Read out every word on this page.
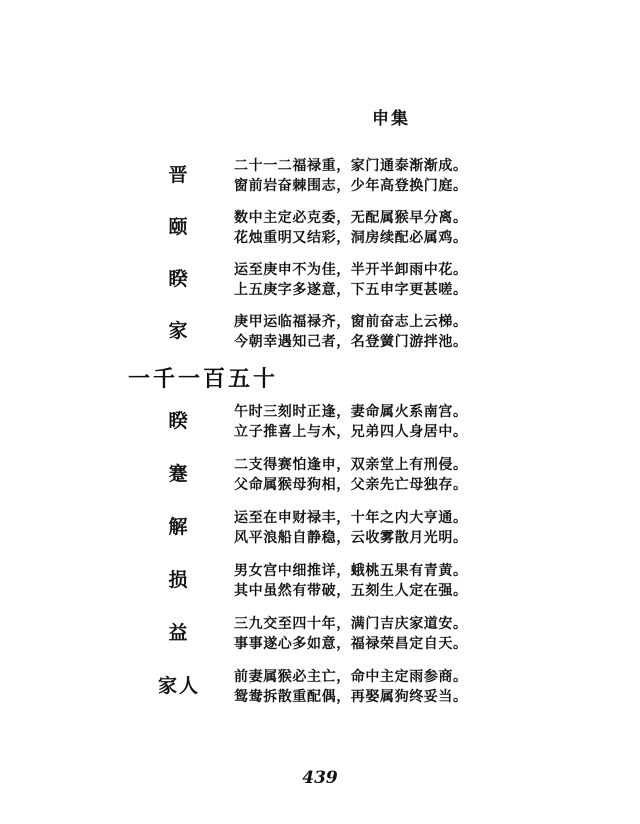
申集
晋	二十一二福禄重，家门通泰渐渐成。
窗前岩奋棘围志，少年高登换门庭。
颐	数中主定必克委，无配属猴早分离。
花烛重明又结彩，洞房续配必属鸡。
睽	运至庚申不为佳，半开半卸雨中花。
上五庚字多遂意，下五申字更甚嗟。
家	庚甲运临福禄齐，窗前奋志上云梯。
今朝幸遇知己者，名登黉门游拌池。
一千一百五十
睽	午时三刻时正逢，妻命属火系南宫。
立子推喜上与木，兄弟四人身居中。
蹇	二支得赛怕逢申，双亲堂上有刑侵。
父命属猴母狗相，父亲先亡母独存。
解	运至在申财禄丰，十年之内大亨通。
风平浪船自静稳，云收雾散月光明。
损	男女宫中细推详，蛾桃五果有青黄。
其中虽然有带破，五刻生人定在强。
益	三九交至四十年，满门吉庆家道安。
事事遂心多如意，福禄荣昌定自天。
家人	前妻属猴必主亡，命中主定雨参商。
鸳鸯拆散重配偶，再娶属狗终妥当。
439
